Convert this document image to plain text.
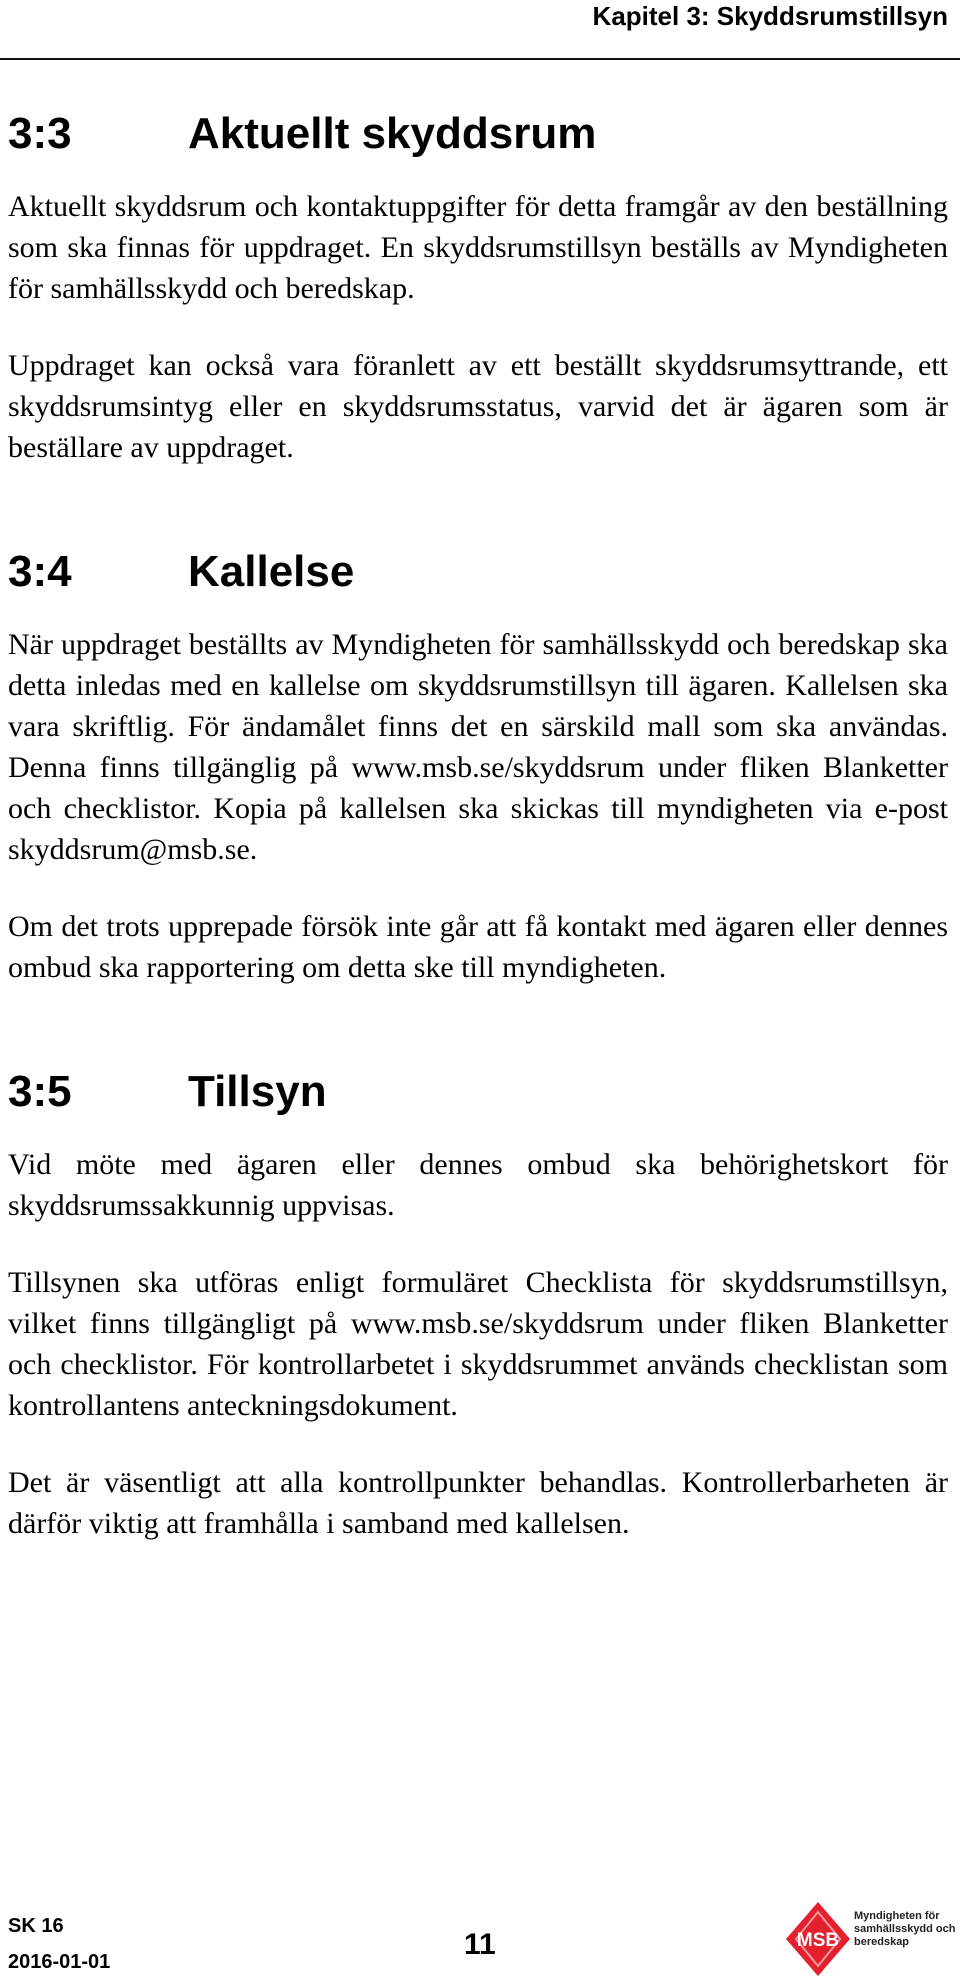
Kapitel 3: Skyddsrumstillsyn
3:3	Aktuellt skyddsrum

Aktuellt skyddsrum och kontaktuppgifter för detta framgår av den beställning som ska finnas för uppdraget. En skyddsrumstillsyn beställs av Myndigheten för samhällsskydd och beredskap.

Uppdraget kan också vara föranlett av ett beställt skyddsrumsyttrande, ett skyddsrumsintyg eller en skyddsrumsstatus, varvid det är ägaren som är beställare av uppdraget.

3:4	Kallelse

När uppdraget beställts av Myndigheten för samhällsskydd och beredskap ska detta inledas med en kallelse om skyddsrumstillsyn till ägaren. Kallelsen ska vara skriftlig. För ändamålet finns det en särskild mall som ska användas. Denna finns tillgänglig på www.msb.se/skyddsrum under fliken Blanketter och checklistor. Kopia på kallelsen ska skickas till myndigheten via e-post skyddsrum@msb.se.

Om det trots upprepade försök inte går att få kontakt med ägaren eller dennes ombud ska rapportering om detta ske till myndigheten.

3:5	Tillsyn

Vid möte med ägaren eller dennes ombud ska behörighetskort för skyddsrumssakkunnig uppvisas.

Tillsynen ska utföras enligt formuläret Checklista för skyddsrumstillsyn, vilket finns tillgängligt på www.msb.se/skyddsrum under fliken Blanketter och checklistor. För kontrollarbetet i skyddsrummet används checklistan som kontrollantens anteckningsdokument.

Det är väsentligt att alla kontrollpunkter behandlas. Kontrollerbarheten är därför viktig att framhålla i samband med kallelsen.

SK 16
2016-01-01
11	MSB
Myndigheten för samhällsskydd och beredskap
